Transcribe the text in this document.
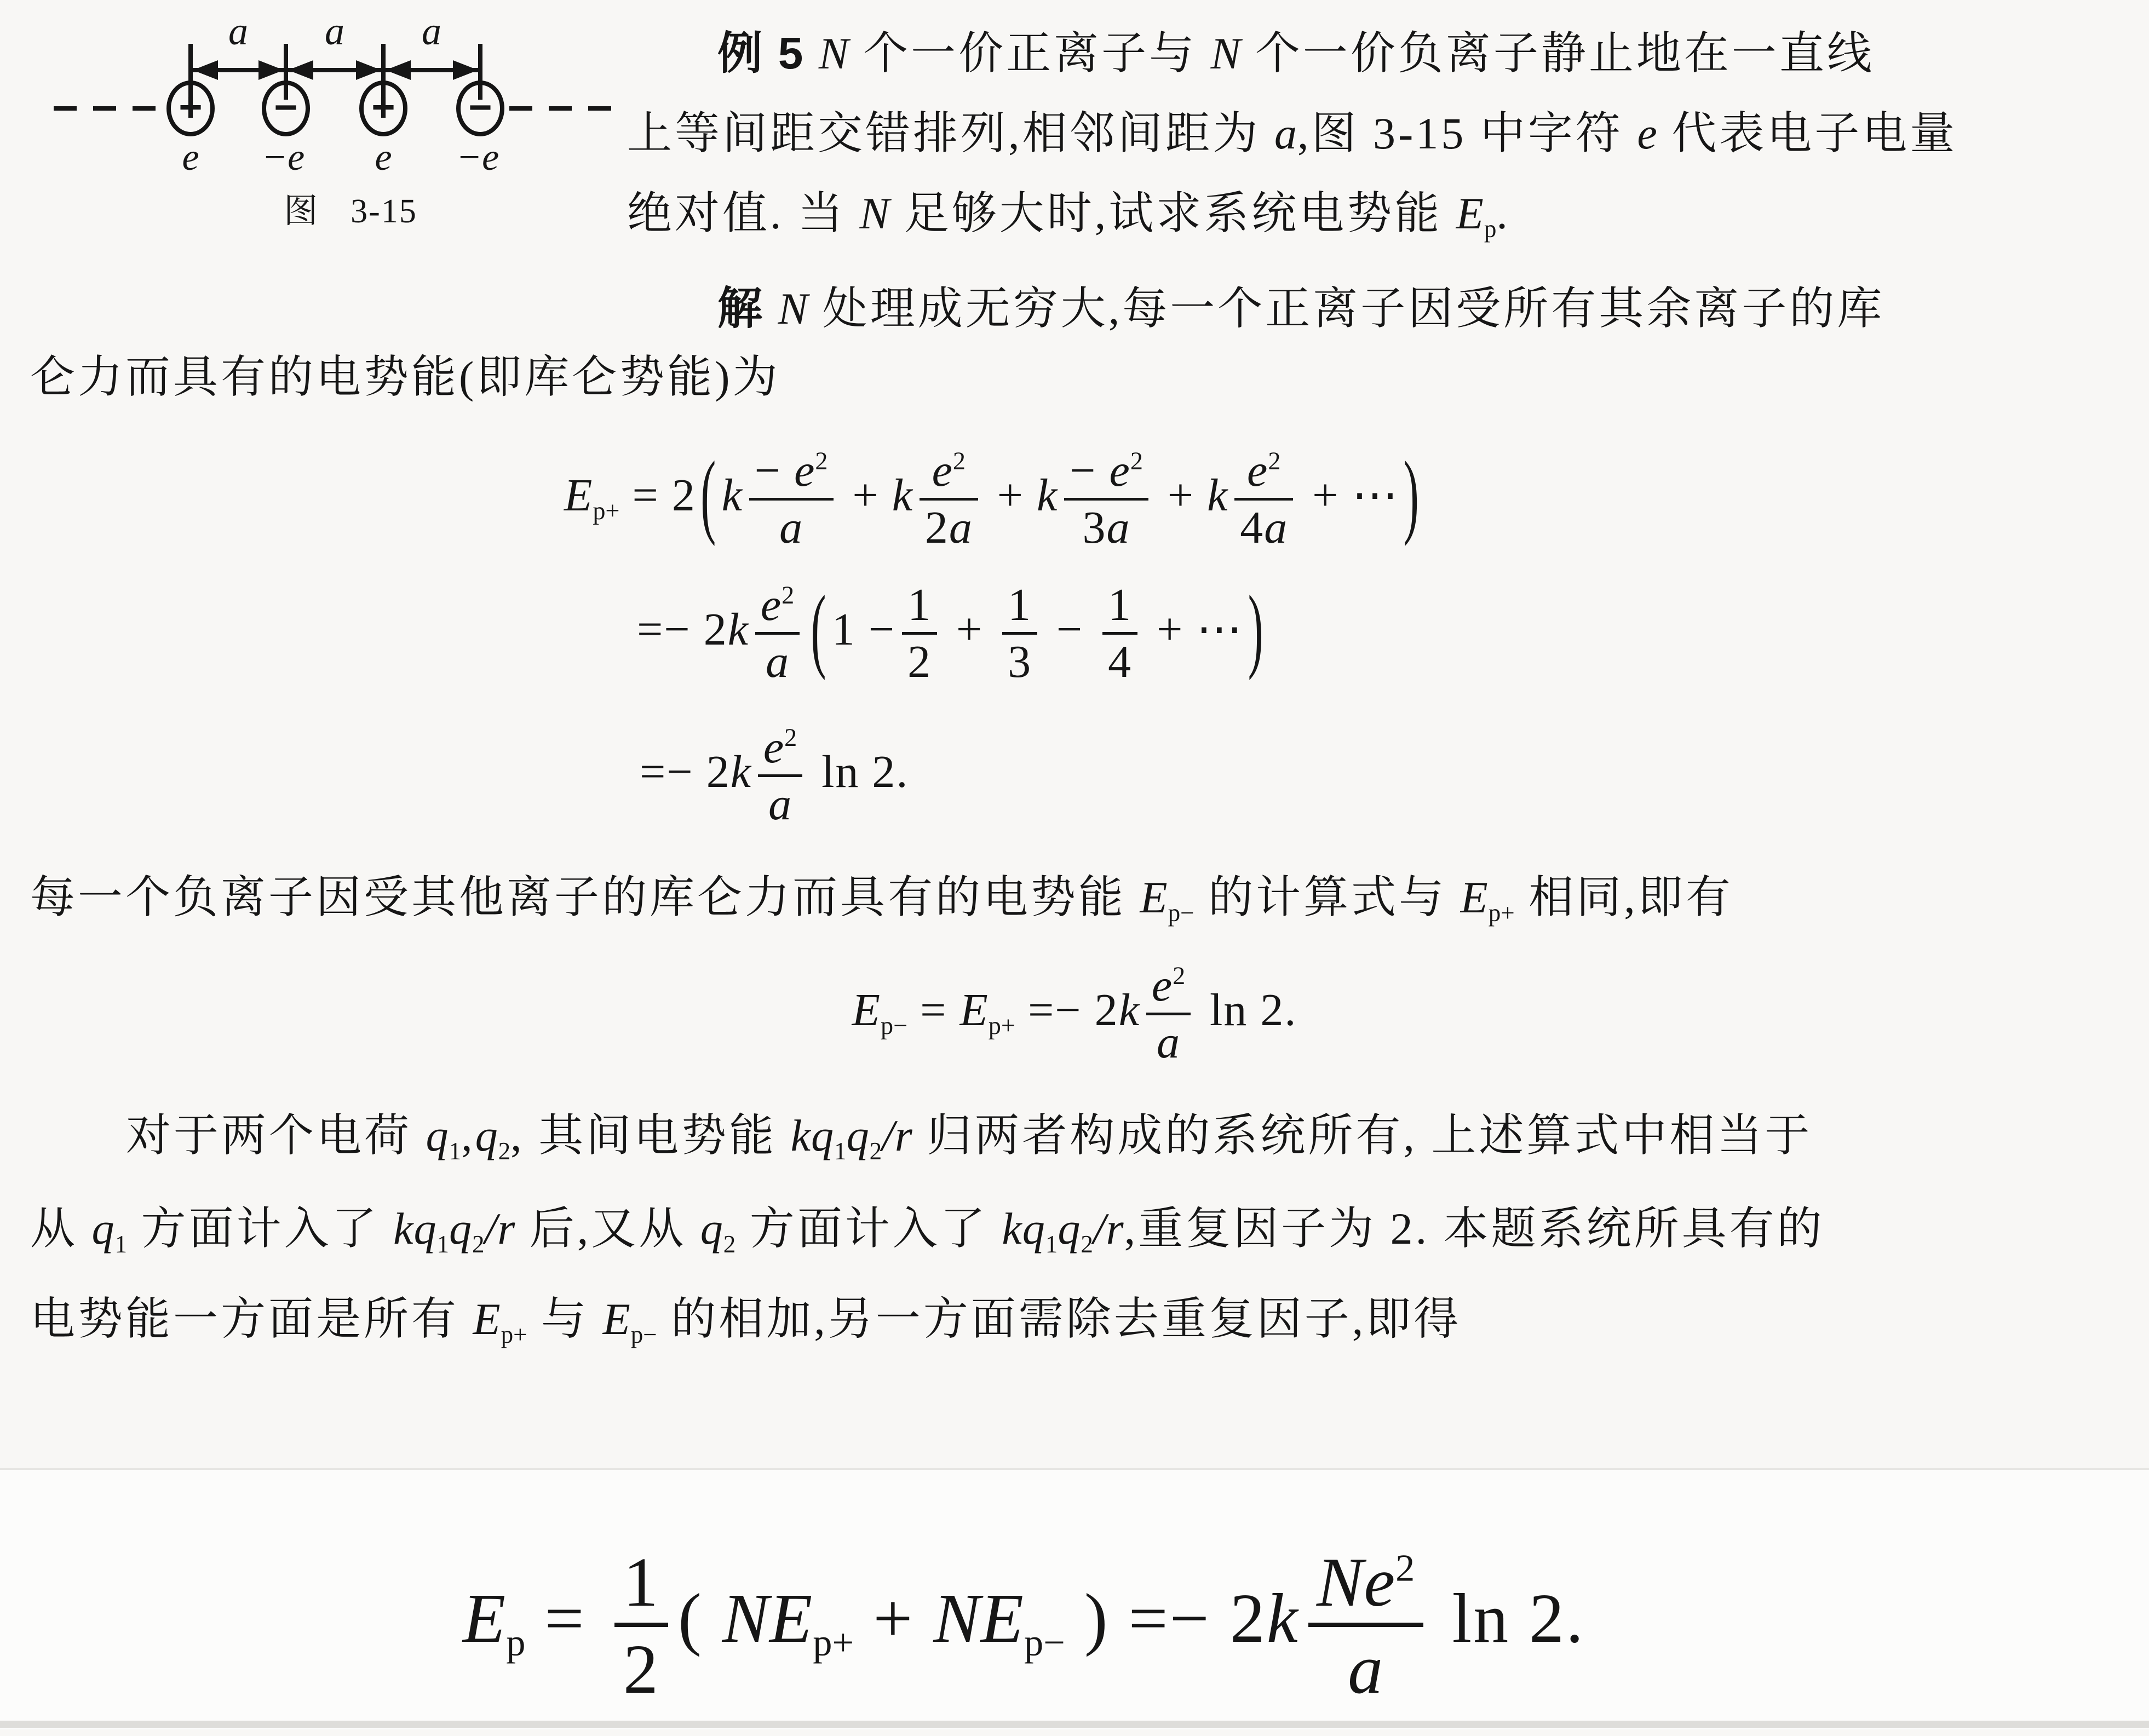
a a a
+ − + −
e −e e −e
图 3-15
例 5 N 个一价正离子与 N 个一价负离子静止地在一直线
上等间距交错排列,相邻间距为 a,图 3-15 中字符 e 代表电子电量
绝对值. 当 N 足够大时,试求系统电势能 Ep.
解 N 处理成无穷大,每一个正离子因受所有其余离子的库
仑力而具有的电势能(即库仑势能)为
$Ep+ = 2(k \frac{- e^2}{a} + k \frac{e^2}{2a} + k \frac{- e^2}{3a} + k \frac{e^2}{4a}$ + ⋯)
=− $2k \frac{e^2}{a} (1 - \frac{1}{2} + \frac{1}{3} - \frac{1}{4}$ + ⋯)
=− $2k \frac{e^2}{a}$ ln 2.
每一个负离子因受其他离子的库仑力而具有的电势能 Ep− 的计算式与 Ep+ 相同,即有
$Ep- = Ep+ =- 2k \frac{e^2}{a}$ ln 2.
对于两个电荷 q1,q2, 其间电势能 kq1q2/r 归两者构成的系统所有, 上述算式中相当于
从 q1 方面计入了 kq1q2/r 后,又从 q2 方面计入了 kq1q2/r,重复因子为 2. 本题系统所具有的
电势能一方面是所有 Ep+ 与 Ep− 的相加,另一方面需除去重复因子,即得
$Ep = \frac{1}{2}$ ( NEp+ + NEp− ) =− $2k \frac{Ne^2}{a}$ ln 2.
